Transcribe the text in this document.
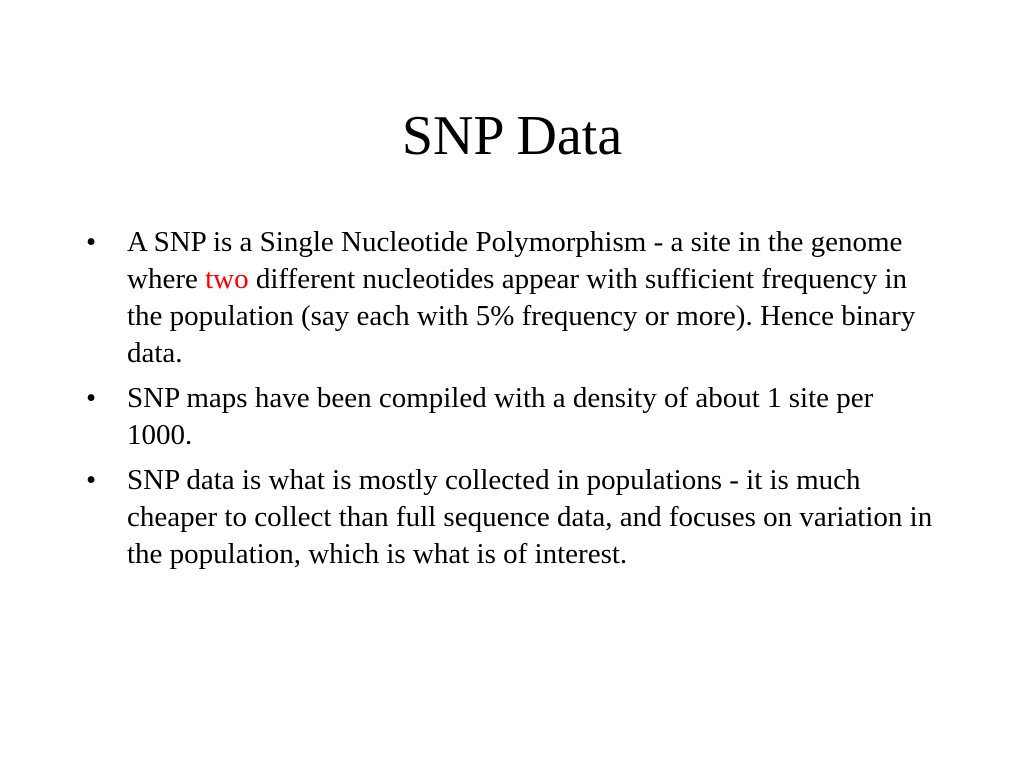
SNP Data
• A SNP is a Single Nucleotide Polymorphism - a site in the genome where two different nucleotides appear with sufficient frequency in the population (say each with 5% frequency or more). Hence binary data.
• SNP maps have been compiled with a density of about 1 site per 1000.
• SNP data is what is mostly collected in populations - it is much cheaper to collect than full sequence data, and focuses on variation in the population, which is what is of interest.
